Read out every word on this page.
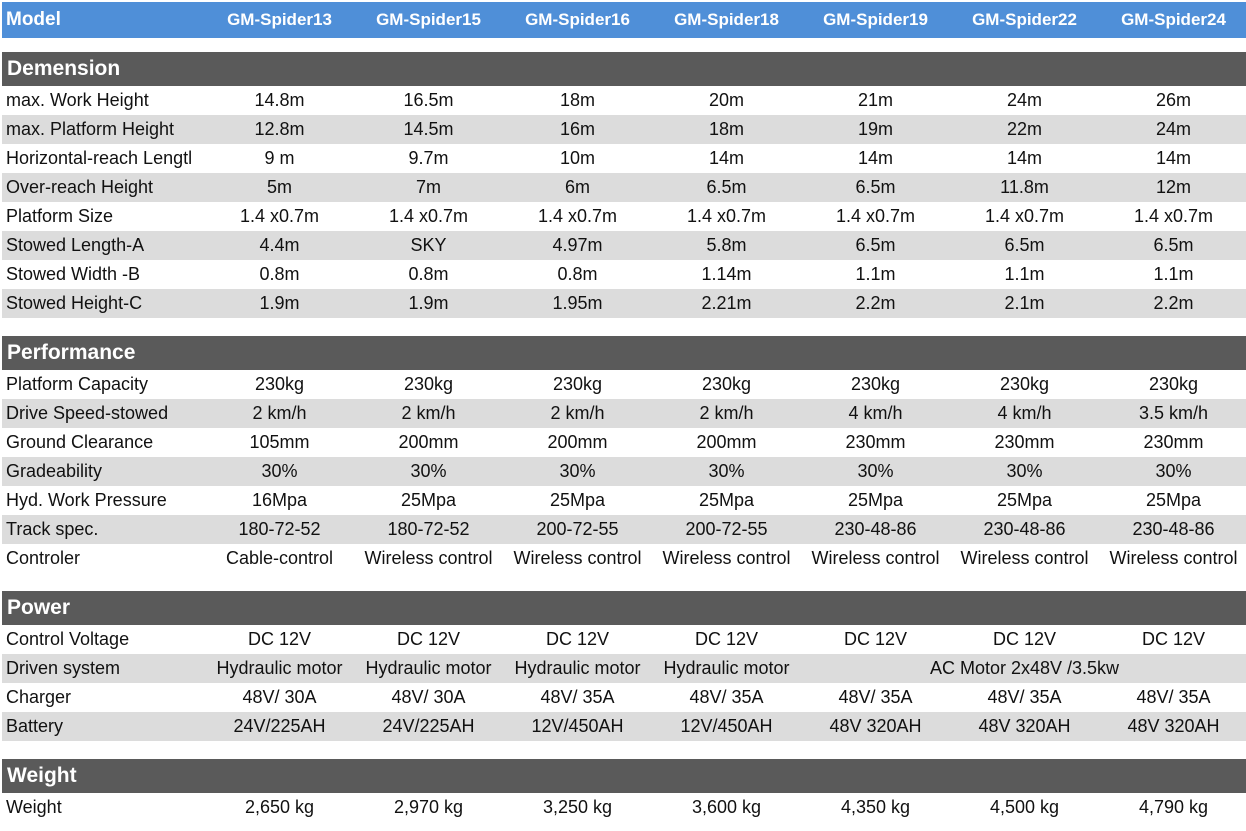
Model	GM-Spider13	GM-Spider15	GM-Spider16	GM-Spider18	GM-Spider19	GM-Spider22	GM-Spider24

Demension							
max. Work Height	14.8m	16.5m	18m	20m	21m	24m	26m
max. Platform Height	12.8m	14.5m	16m	18m	19m	22m	24m
Horizontal-reach Lengtl	9 m	9.7m	10m	14m	14m	14m	14m
Over-reach Height	5m	7m	6m	6.5m	6.5m	11.8m	12m
Platform Size	1.4 x0.7m	1.4 x0.7m	1.4 x0.7m	1.4 x0.7m	1.4 x0.7m	1.4 x0.7m	1.4 x0.7m
Stowed Length-A	4.4m	SKY	4.97m	5.8m	6.5m	6.5m	6.5m
Stowed Width -B	0.8m	0.8m	0.8m	1.14m	1.1m	1.1m	1.1m
Stowed Height-C	1.9m	1.9m	1.95m	2.21m	2.2m	2.1m	2.2m

Performance							
Platform Capacity	230kg	230kg	230kg	230kg	230kg	230kg	230kg
Drive Speed-stowed	2 km/h	2 km/h	2 km/h	2 km/h	4 km/h	4 km/h	3.5 km/h
Ground Clearance	105mm	200mm	200mm	200mm	230mm	230mm	230mm
Gradeability	30%	30%	30%	30%	30%	30%	30%
Hyd. Work Pressure	16Mpa	25Mpa	25Mpa	25Mpa	25Mpa	25Mpa	25Mpa
Track spec.	180-72-52	180-72-52	200-72-55	200-72-55	230-48-86	230-48-86	230-48-86
Controler	Cable-control	Wireless control	Wireless control	Wireless control	Wireless control	Wireless control	Wireless control

Power							
Control Voltage	DC 12V	DC 12V	DC 12V	DC 12V	DC 12V	DC 12V	DC 12V
Driven system	Hydraulic motor	Hydraulic motor	Hydraulic motor	Hydraulic motor	AC Motor 2x48V /3.5kw		
Charger	48V/ 30A	48V/ 30A	48V/ 35A	48V/ 35A	48V/ 35A	48V/ 35A	48V/ 35A
Battery	24V/225AH	24V/225AH	12V/450AH	12V/450AH	48V 320AH	48V 320AH	48V 320AH

Weight							
Weight	2,650 kg	2,970 kg	3,250 kg	3,600 kg	4,350 kg	4,500 kg	4,790 kg
